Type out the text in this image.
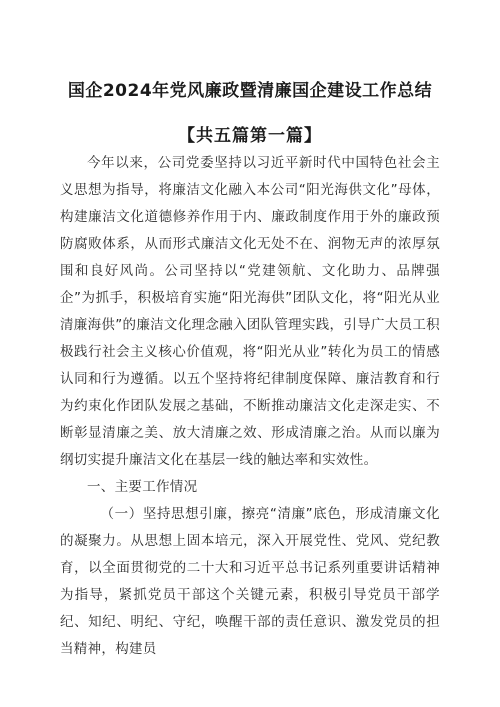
国企2024年党风廉政暨清廉国企建设工作总结
【共五篇第一篇】

今年以来，公司党委坚持以习近平新时代中国特色社会主义思想为指导，将廉洁文化融入本公司“阳光海供文化”母体，构建廉洁文化道德修养作用于内、廉政制度作用于外的廉政预防腐败体系，从而形式廉洁文化无处不在、润物无声的浓厚氛围和良好风尚。公司坚持以“党建领航、文化助力、品牌强企”为抓手，积极培育实施“阳光海供”团队文化，将“阳光从业清廉海供”的廉洁文化理念融入团队管理实践，引导广大员工积极践行社会主义核心价值观，将“阳光从业”转化为员工的情感认同和行为遵循。以五个坚持将纪律制度保障、廉洁教育和行为约束化作团队发展之基础，不断推动廉洁文化走深走实、不断彰显清廉之美、放大清廉之效、形成清廉之治。从而以廉为纲切实提升廉洁文化在基层一线的触达率和实效性。

一、主要工作情况

（一）坚持思想引廉，擦亮“清廉”底色，形成清廉文化的凝聚力。从思想上固本培元，深入开展党性、党风、党纪教育，以全面贯彻党的二十大和习近平总书记系列重要讲话精神为指导，紧抓党员干部这个关键元素，积极引导党员干部学纪、知纪、明纪、守纪，唤醒干部的责任意识、激发党员的担当精神，构建员
